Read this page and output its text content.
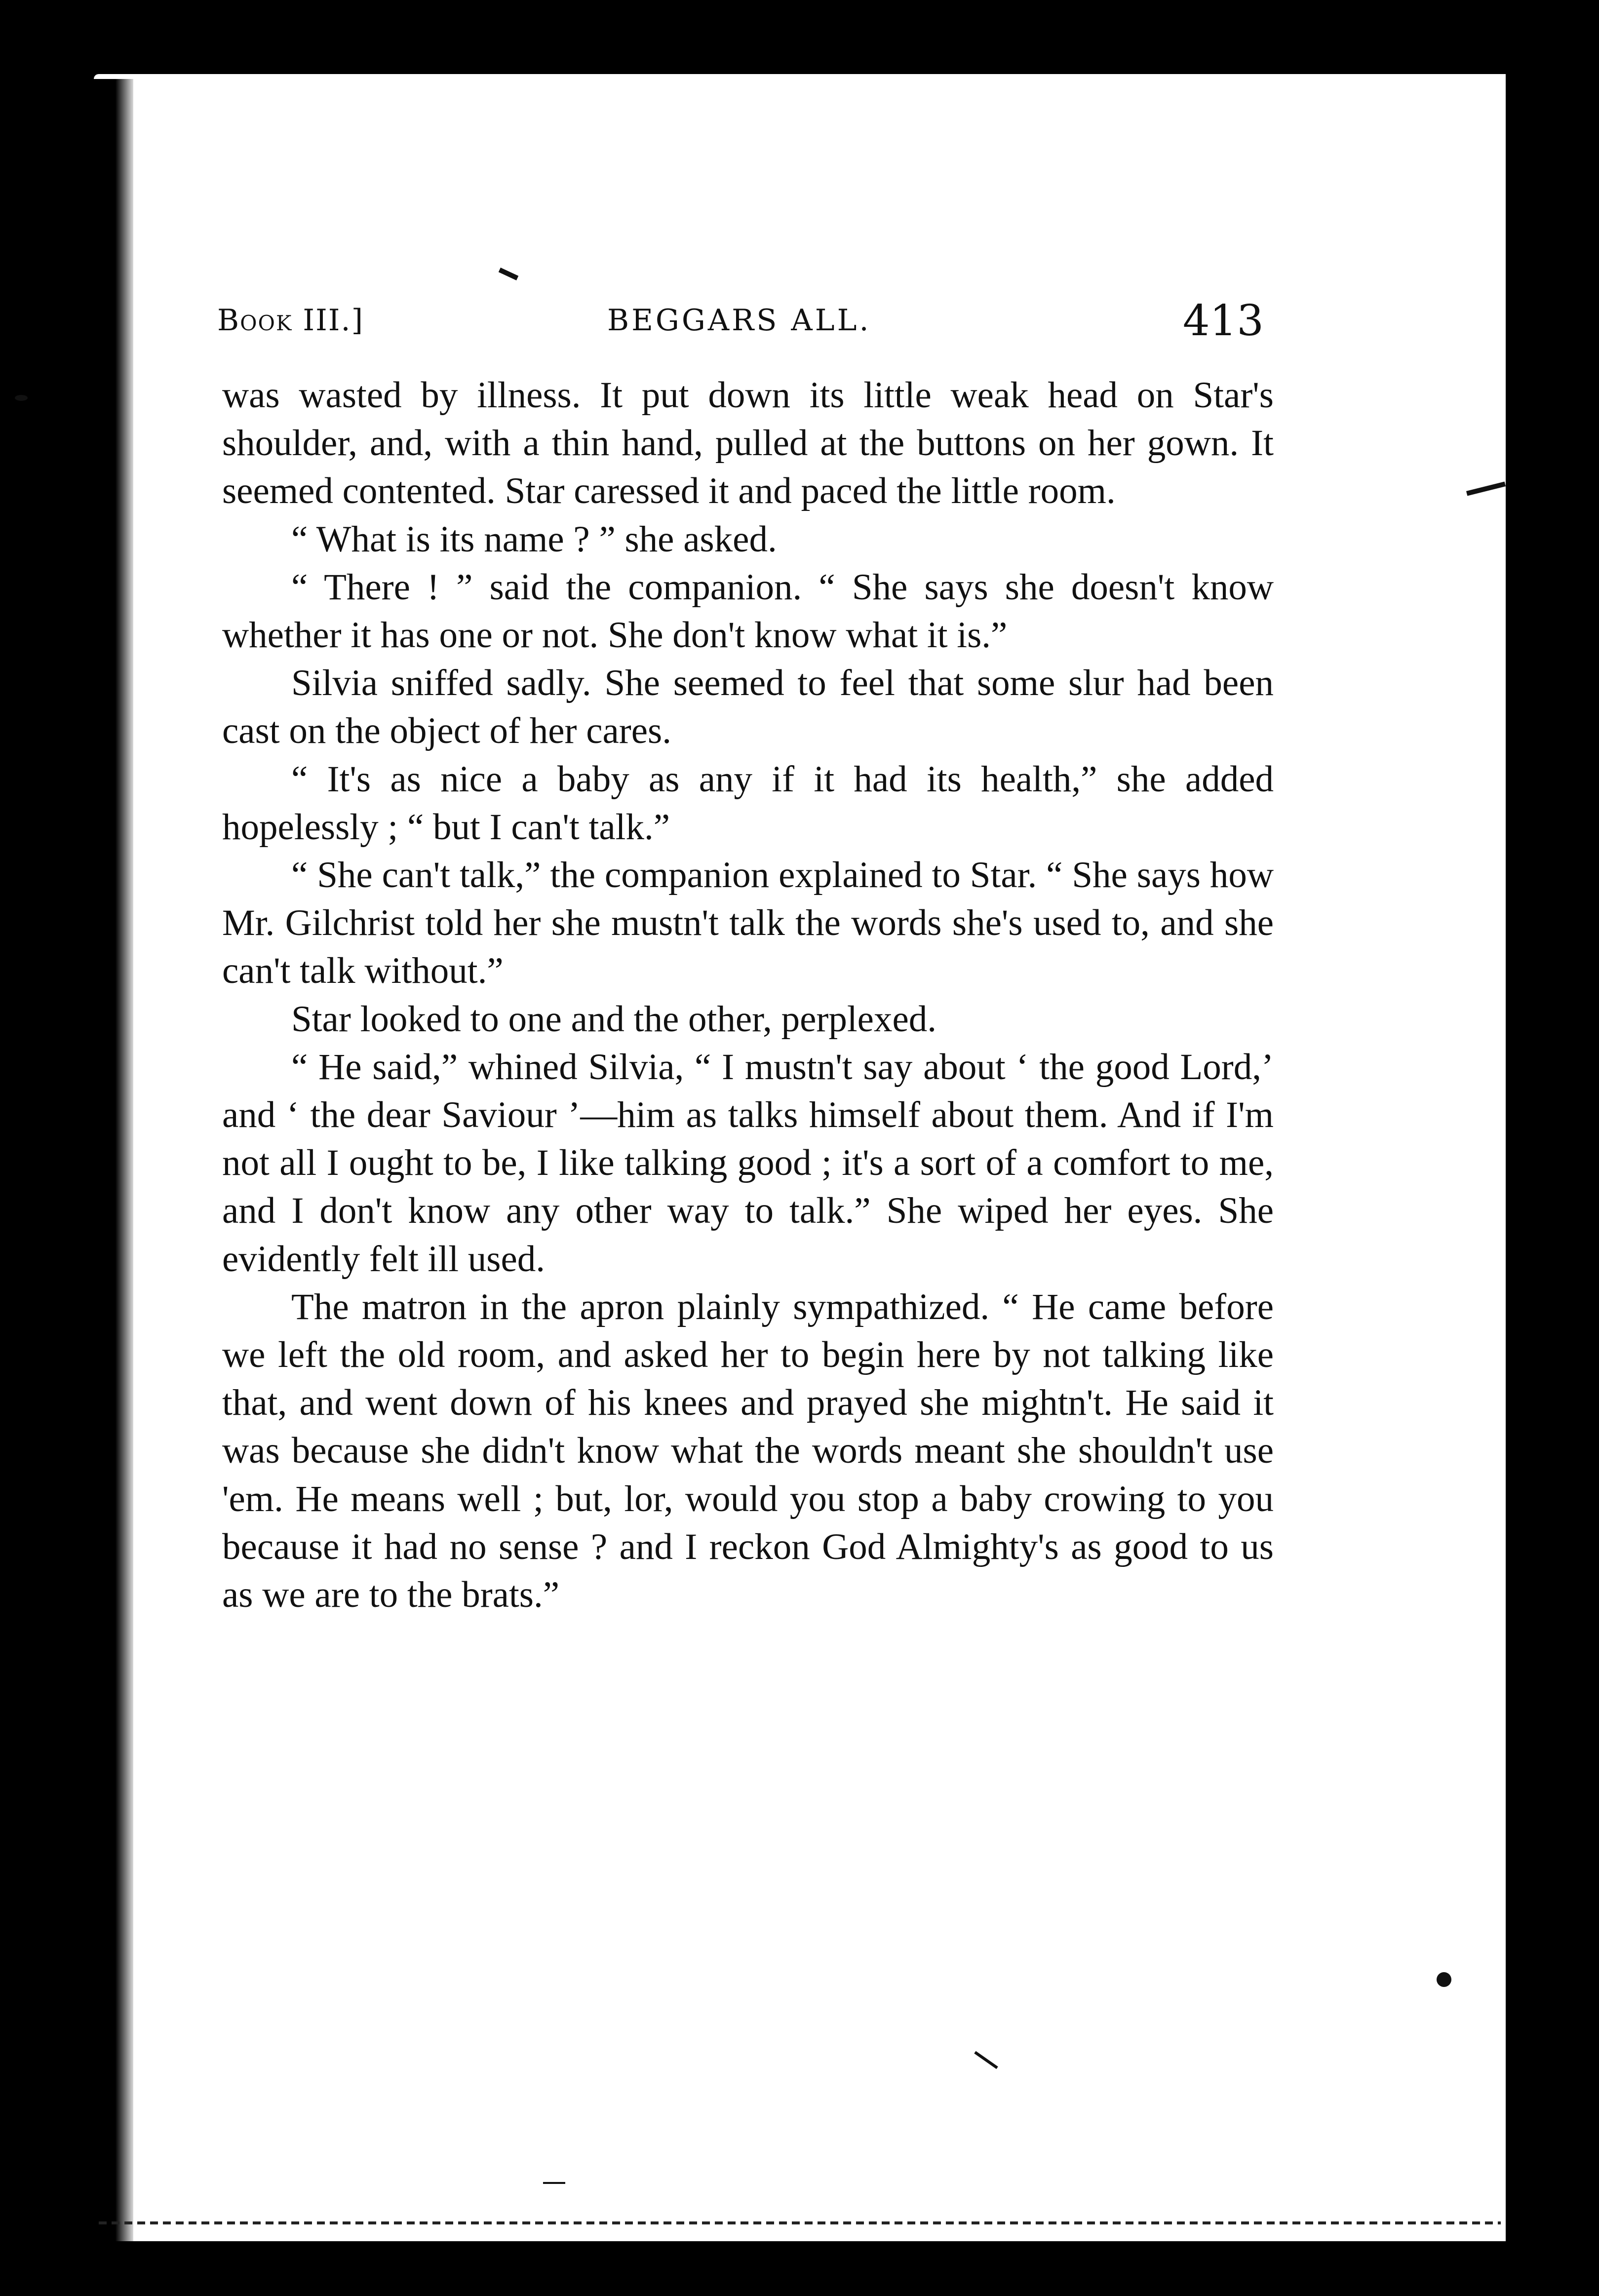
Book III.]	BEGGARS ALL.	413

was wasted by illness. It put down its little weak head on Star's shoulder, and, with a thin hand, pulled at the buttons on her gown. It seemed contented. Star caressed it and paced the little room.

“ What is its name ? ” she asked.

“ There ! ” said the companion. “ She says she doesn't know whether it has one or not. She don't know what it is.”

Silvia sniffed sadly. She seemed to feel that some slur had been cast on the object of her cares.

“ It's as nice a baby as any if it had its health,” she added hopelessly ; “ but I can't talk.”

“ She can't talk,” the companion explained to Star. “ She says how Mr. Gilchrist told her she mustn't talk the words she's used to, and she can't talk without.”

Star looked to one and the other, perplexed.

“ He said,” whined Silvia, “ I mustn't say about ‘ the good Lord,’ and ‘ the dear Saviour ’—him as talks himself about them. And if I'm not all I ought to be, I like talking good ; it's a sort of a comfort to me, and I don't know any other way to talk.” She wiped her eyes. She evidently felt ill used.

The matron in the apron plainly sympathized. “ He came before we left the old room, and asked her to begin here by not talking like that, and went down of his knees and prayed she mightn't. He said it was because she didn't know what the words meant she shouldn't use 'em. He means well ; but, lor, would you stop a baby crowing to you because it had no sense ? and I reckon God Almighty's as good to us as we are to the brats.”
